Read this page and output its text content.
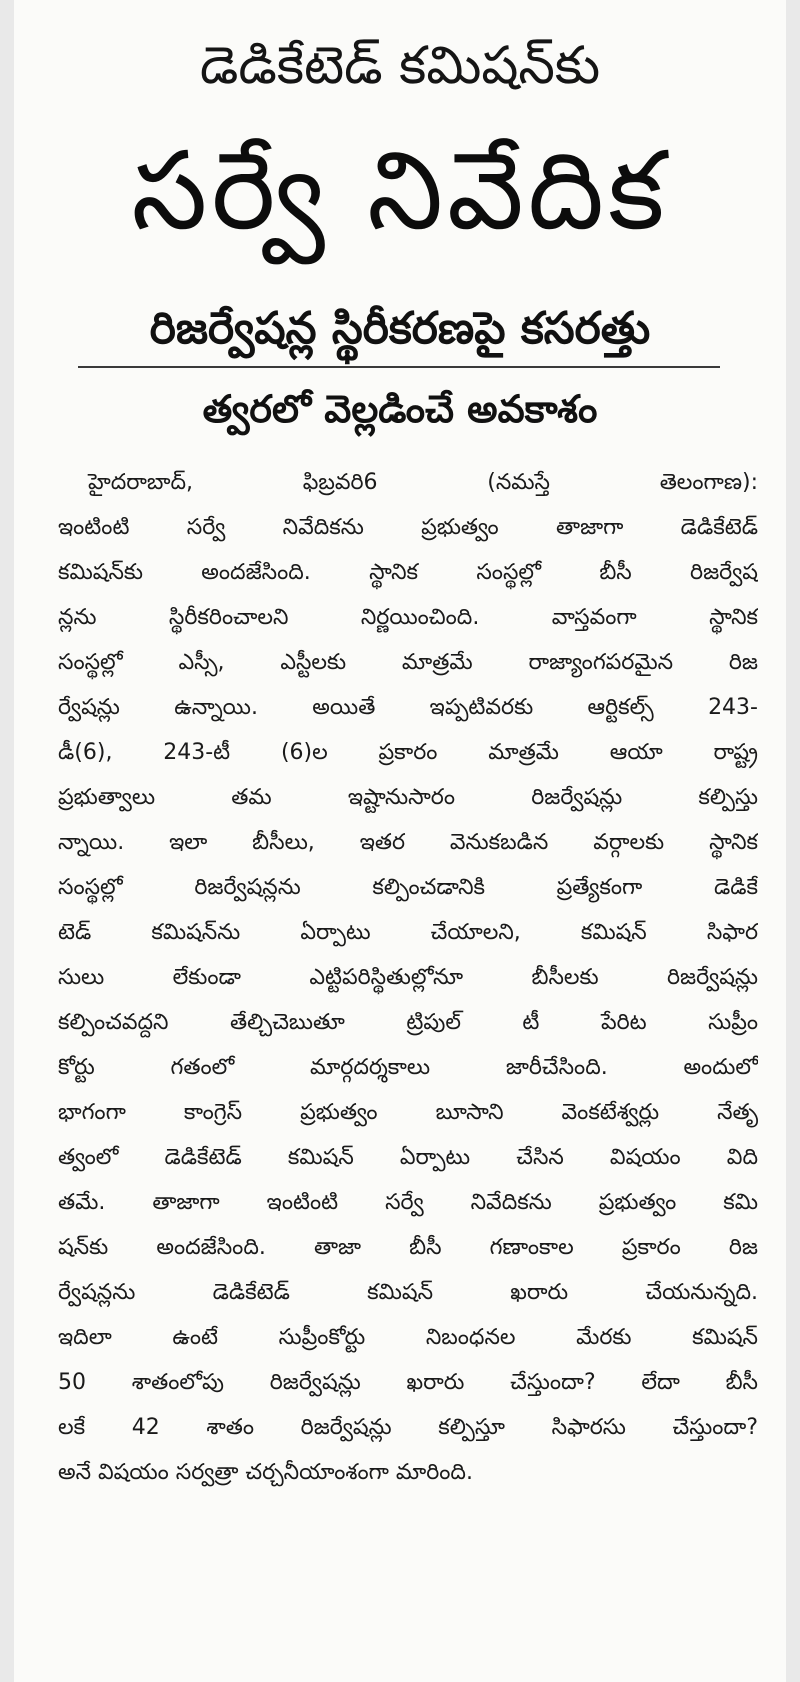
డెడికేటెడ్ కమిషన్‌కు
సర్వే నివేదిక
రిజర్వేషన్ల స్థిరీకరణపై కసరత్తు
త్వరలో వెల్లడించే అవకాశం
హైదరాబాద్, ఫిబ్రవరి6 (నమస్తే తెలంగాణ):
ఇంటింటి సర్వే నివేదికను ప్రభుత్వం తాజాగా డెడికేటెడ్
కమిషన్‌కు అందజేసింది. స్థానిక సంస్థల్లో బీసీ రిజర్వేష
న్లను స్థిరీకరించాలని నిర్ణయించింది. వాస్తవంగా స్థానిక
సంస్థల్లో ఎస్సీ, ఎస్టీలకు మాత్రమే రాజ్యాంగపరమైన రిజ
ర్వేషన్లు ఉన్నాయి. అయితే ఇప్పటివరకు ఆర్టికల్స్ 243-
డీ(6), 243-టీ (6)ల ప్రకారం మాత్రమే ఆయా రాష్ట్ర
ప్రభుత్వాలు తమ ఇష్టానుసారం రిజర్వేషన్లు కల్పిస్తు
న్నాయి. ఇలా బీసీలు, ఇతర వెనుకబడిన వర్గాలకు స్థానిక
సంస్థల్లో రిజర్వేషన్లను కల్పించడానికి ప్రత్యేకంగా డెడికే
టెడ్ కమిషన్‌ను ఏర్పాటు చేయాలని, కమిషన్ సిఫార
సులు లేకుండా ఎట్టిపరిస్థితుల్లోనూ బీసీలకు రిజర్వేషన్లు
కల్పించవద్దని తేల్చిచెబుతూ ట్రిపుల్ టీ పేరిట సుప్రీం
కోర్టు గతంలో మార్గదర్శకాలు జారీచేసింది. అందులో
భాగంగా కాంగ్రెస్ ప్రభుత్వం బూసాని వెంకటేశ్వర్లు నేతృ
త్వంలో డెడికేటెడ్ కమిషన్ ఏర్పాటు చేసిన విషయం విది
తమే. తాజాగా ఇంటింటి సర్వే నివేదికను ప్రభుత్వం కమి
షన్‌కు అందజేసింది. తాజా బీసీ గణాంకాల ప్రకారం రిజ
ర్వేషన్లను డెడికేటెడ్ కమిషన్ ఖరారు చేయనున్నది.
ఇదిలా ఉంటే సుప్రీంకోర్టు నిబంధనల మేరకు కమిషన్
50 శాతంలోపు రిజర్వేషన్లు ఖరారు చేస్తుందా? లేదా బీసీ
లకే 42 శాతం రిజర్వేషన్లు కల్పిస్తూ సిఫారసు చేస్తుందా?
అనే విషయం సర్వత్రా చర్చనీయాంశంగా మారింది.
